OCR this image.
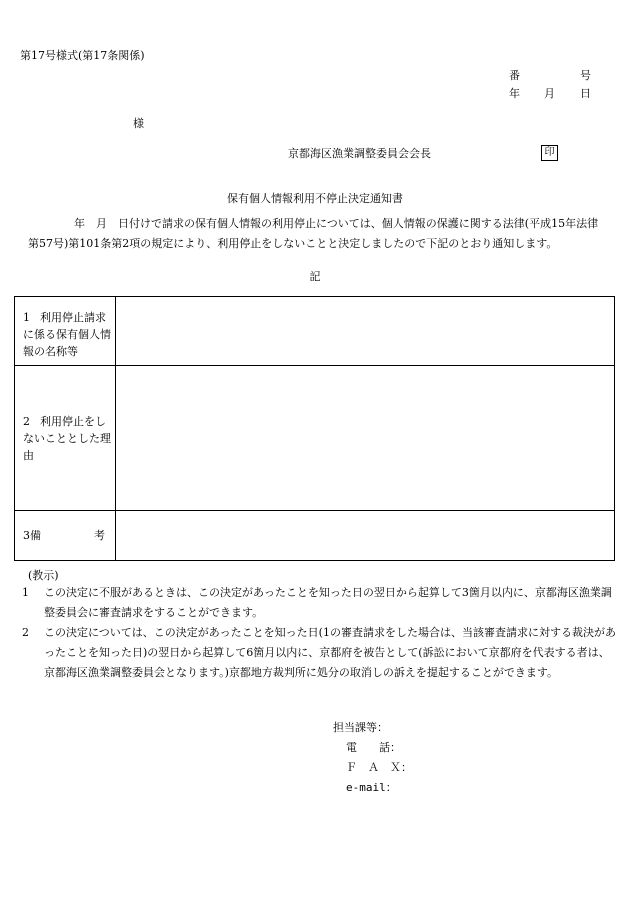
第17号様式(第17条関係)
番	号
年 月 日
様
京都海区漁業調整委員会会長	印
保有個人情報利用不停止決定通知書
年　月　日付けで請求の保有個人情報の利用停止については、個人情報の保護に関する法律(平成15年法律第57号)第101条第2項の規定により、利用停止をしないことと決定しましたので下記のとおり通知します。
記
1 利用停止請求に係る保有個人情報の名称等	

2 利用停止をしないこととした理由	

3備 考	

(教示)
1 この決定に不服があるときは、この決定があったことを知った日の翌日から起算して3箇月以内に、京都海区漁業調整委員会に審査請求をすることができます。
2 この決定については、この決定があったことを知った日(1の審査請求をした場合は、当該審査請求に対する裁決があったことを知った日)の翌日から起算して6箇月以内に、京都府を被告として(訴訟において京都府を代表する者は、京都海区漁業調整委員会となります。)京都地方裁判所に処分の取消しの訴えを提起することができます。
担当課等：
電　　話：
Ｆ　Ａ　Ｘ：
e-mail：
